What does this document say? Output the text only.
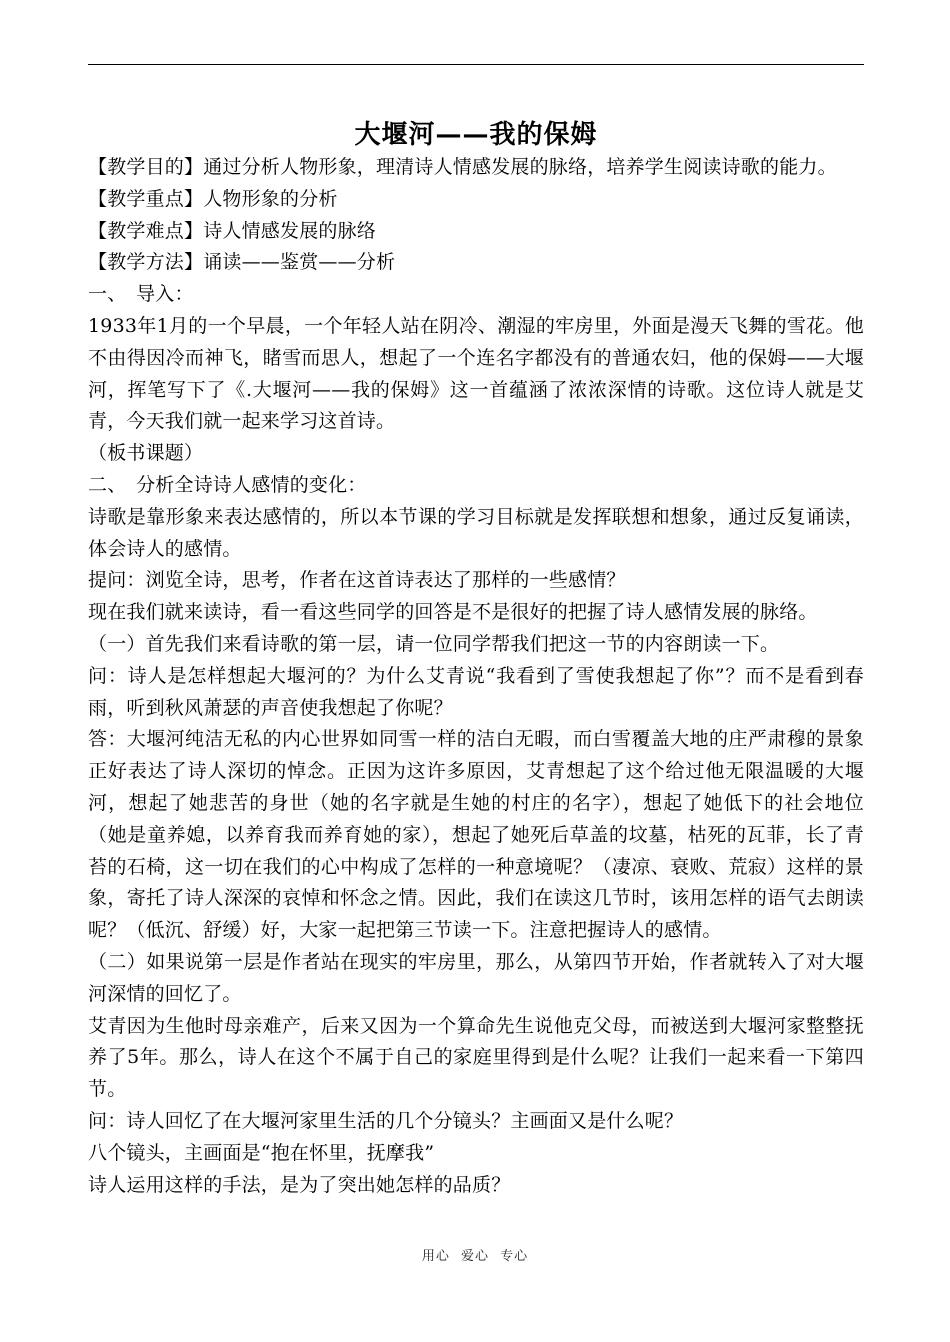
大堰河——我的保姆

【教学目的】通过分析人物形象，理清诗人情感发展的脉络，培养学生阅读诗歌的能力。

【教学重点】人物形象的分析

【教学难点】诗人情感发展的脉络

【教学方法】诵读——鉴赏——分析

一、　导入：

1933年1月的一个早晨，一个年轻人站在阴冷、潮湿的牢房里，外面是漫天飞舞的雪花。他不由得因冷而神飞，睹雪而思人，想起了一个连名字都没有的普通农妇，他的保姆——大堰河，挥笔写下了《.大堰河——我的保姆》这一首蕴涵了浓浓深情的诗歌。这位诗人就是艾青，今天我们就一起来学习这首诗。

（板书课题）

二、　分析全诗诗人感情的变化：

诗歌是靠形象来表达感情的，所以本节课的学习目标就是发挥联想和想象，通过反复诵读，体会诗人的感情。

提问：浏览全诗，思考，作者在这首诗表达了那样的一些感情？

现在我们就来读诗，看一看这些同学的回答是不是很好的把握了诗人感情发展的脉络。

（一）首先我们来看诗歌的第一层，请一位同学帮我们把这一节的内容朗读一下。

问：诗人是怎样想起大堰河的？为什么艾青说“我看到了雪使我想起了你”？而不是看到春雨，听到秋风萧瑟的声音使我想起了你呢？

答：大堰河纯洁无私的内心世界如同雪一样的洁白无暇，而白雪覆盖大地的庄严肃穆的景象正好表达了诗人深切的悼念。正因为这许多原因，艾青想起了这个给过他无限温暖的大堰河，想起了她悲苦的身世（她的名字就是生她的村庄的名字），想起了她低下的社会地位（她是童养媳，以养育我而养育她的家），想起了她死后草盖的坟墓，枯死的瓦菲，长了青苔的石椅，这一切在我们的心中构成了怎样的一种意境呢？（凄凉、衰败、荒寂）这样的景象，寄托了诗人深深的哀悼和怀念之情。因此，我们在读这几节时，该用怎样的语气去朗读呢？（低沉、舒缓）好，大家一起把第三节读一下。注意把握诗人的感情。

（二）如果说第一层是作者站在现实的牢房里，那么，从第四节开始，作者就转入了对大堰河深情的回忆了。

艾青因为生他时母亲难产，后来又因为一个算命先生说他克父母，而被送到大堰河家整整抚养了5年。那么，诗人在这个不属于自己的家庭里得到是什么呢？让我们一起来看一下第四节。

问：诗人回忆了在大堰河家里生活的几个分镜头？主画面又是什么呢？

八个镜头，主画面是“抱在怀里，抚摩我”

诗人运用这样的手法，是为了突出她怎样的品质？

用心 爱心 专心
